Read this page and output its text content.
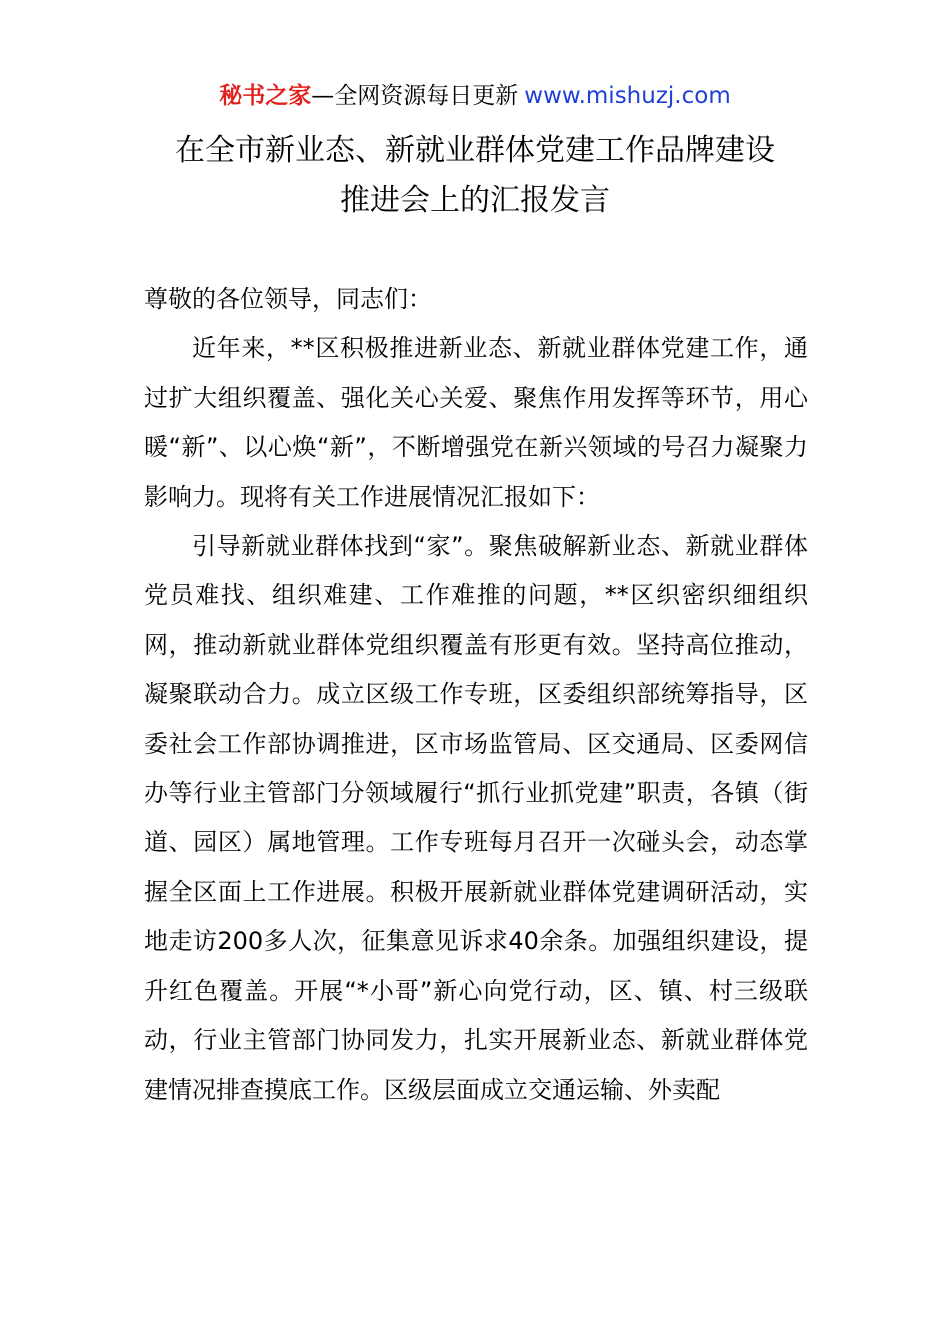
秘书之家—全网资源每日更新 www.mishuzj.com
在全市新业态、新就业群体党建工作品牌建设
推进会上的汇报发言

尊敬的各位领导，同志们：

近年来，**区积极推进新业态、新就业群体党建工作，通过扩大组织覆盖、强化关心关爱、聚焦作用发挥等环节，用心暖“新”、以心焕“新”，不断增强党在新兴领域的号召力凝聚力影响力。现将有关工作进展情况汇报如下：

引导新就业群体找到“家”。聚焦破解新业态、新就业群体党员难找、组织难建、工作难推的问题，**区织密织细组织网，推动新就业群体党组织覆盖有形更有效。坚持高位推动，凝聚联动合力。成立区级工作专班，区委组织部统筹指导，区委社会工作部协调推进，区市场监管局、区交通局、区委网信办等行业主管部门分领域履行“抓行业抓党建”职责，各镇（街道、园区）属地管理。工作专班每月召开一次碰头会，动态掌握全区面上工作进展。积极开展新就业群体党建调研活动，实地走访200多人次，征集意见诉求40余条。加强组织建设，提升红色覆盖。开展“*小哥”新心向党行动，区、镇、村三级联动，行业主管部门协同发力，扎实开展新业态、新就业群体党建情况排查摸底工作。区级层面成立交通运输、外卖配
